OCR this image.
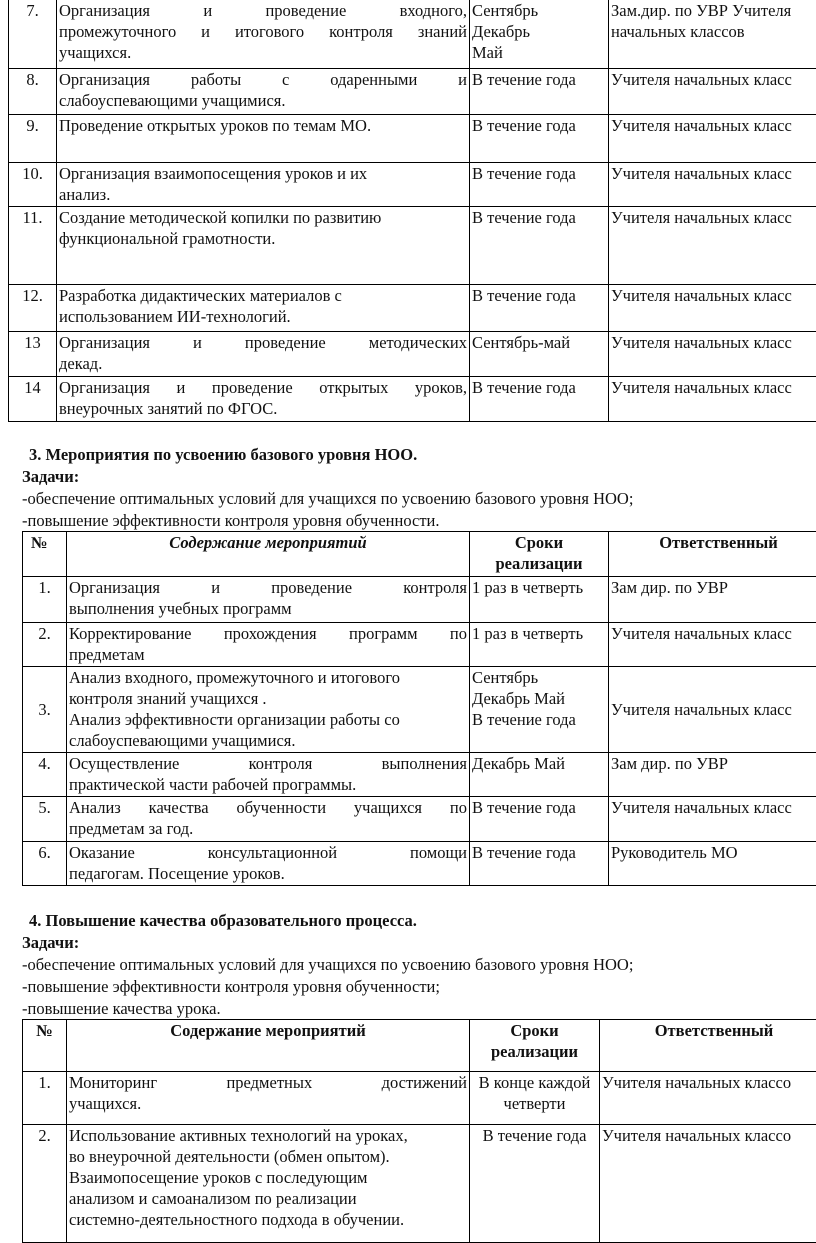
7.	Организация и проведение входного,
промежуточного и итогового контроля знаний
учащихся.	Сентябрь
Декабрь
Май	Зам.дир. по УВР Учителя
начальных классов

8.	Организация работы с одаренными и
слабоуспевающими учащимися.	В течение года	Учителя начальных класс

9.	Проведение открытых уроков по темам МО.	В течение года	Учителя начальных класс

10.	Организация взаимопосещения уроков и их
анализ.	В течение года	Учителя начальных класс

11.	Создание методической копилки по развитию
функциональной грамотности.	В течение года	Учителя начальных класс

12.	Разработка дидактических материалов с
использованием ИИ-технологий.	В течение года	Учителя начальных класс

13	Организация и проведение методических
декад.	Сентябрь-май	Учителя начальных класс

14	Организация и проведение открытых уроков,
внеурочных занятий по ФГОС.	В течение года	Учителя начальных класс

3. Мероприятия по усвоению базового уровня НОО.

Задачи:

-обеспечение оптимальных условий для учащихся по усвоению базового уровня НОО;

-повышение эффективности контроля уровня обученности.

№	Содержание мероприятий	Сроки
реализации	Ответственный
1.	Организация и проведение контроля
выполнения учебных программ	1 раз в четверть	Зам дир. по УВР

2.	Корректирование прохождения программ по
предметам	1 раз в четверть	Учителя начальных класс

3.	Анализ входного, промежуточного и итогового
контроля знаний учащихся .
Анализ эффективности организации работы со
слабоуспевающими учащимися.	Сентябрь
Декабрь Май
В течение года	Учителя начальных класс

4.	Осуществление контроля выполнения
практической части рабочей программы.	Декабрь Май	Зам дир. по УВР

5.	Анализ качества обученности учащихся по
предметам за год.	В течение года	Учителя начальных класс

6.	Оказание консультационной помощи
педагогам. Посещение уроков.	В течение года	Руководитель МО

4. Повышение качества образовательного процесса.

Задачи:

-обеспечение оптимальных условий для учащихся по усвоению базового уровня НОО;

-повышение эффективности контроля уровня обученности;

-повышение качества урока.

№	Содержание мероприятий	Сроки
реализации	Ответственный
1.	Мониторинг предметных достижений
учащихся.	В конце каждой
четверти	Учителя начальных классо

2.	Использование активных технологий на уроках,
во внеурочной деятельности (обмен опытом).
Взаимопосещение уроков с последующим
анализом и самоанализом по реализации
системно-деятельностного подхода в обучении.	В течение года	Учителя начальных классо
